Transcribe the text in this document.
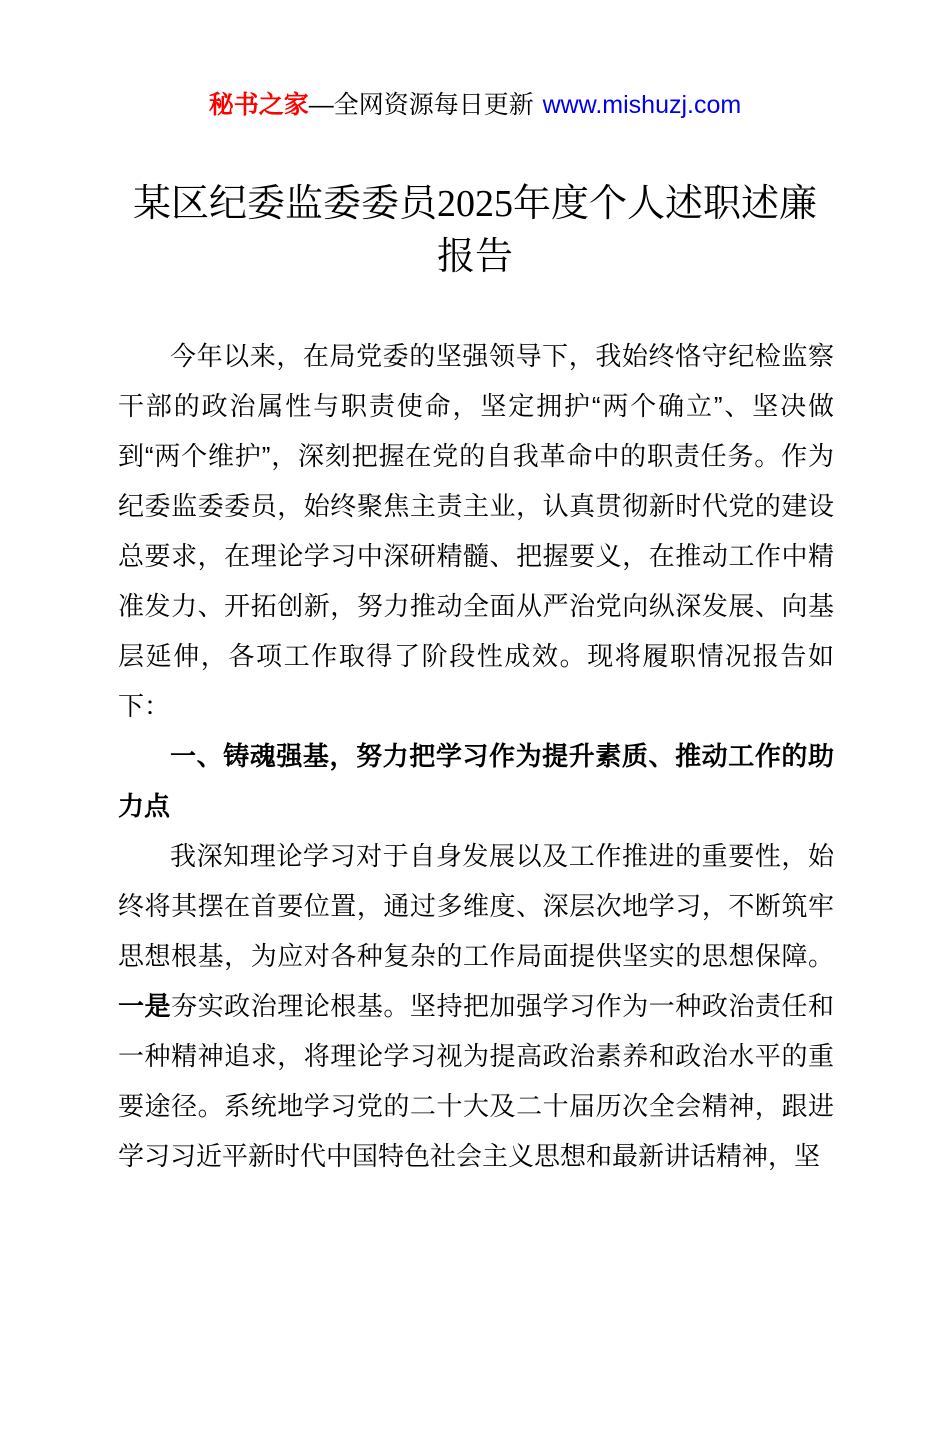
秘书之家—全网资源每日更新 www.mishuzj.com
某区纪委监委委员2025年度个人述职述廉报告

今年以来，在局党委的坚强领导下，我始终恪守纪检监察干部的政治属性与职责使命，坚定拥护“两个确立”、坚决做到“两个维护”，深刻把握在党的自我革命中的职责任务。作为纪委监委委员，始终聚焦主责主业，认真贯彻新时代党的建设总要求，在理论学习中深研精髓、把握要义，在推动工作中精准发力、开拓创新，努力推动全面从严治党向纵深发展、向基层延伸，各项工作取得了阶段性成效。现将履职情况报告如下：

一、铸魂强基，努力把学习作为提升素质、推动工作的助力点

我深知理论学习对于自身发展以及工作推进的重要性，始终将其摆在首要位置，通过多维度、深层次地学习，不断筑牢思想根基，为应对各种复杂的工作局面提供坚实的思想保障。一是夯实政治理论根基。坚持把加强学习作为一种政治责任和一种精神追求，将理论学习视为提高政治素养和政治水平的重要途径。系统地学习党的二十大及二十届历次全会精神，跟进学习习近平新时代中国特色社会主义思想和最新讲话精神，坚
